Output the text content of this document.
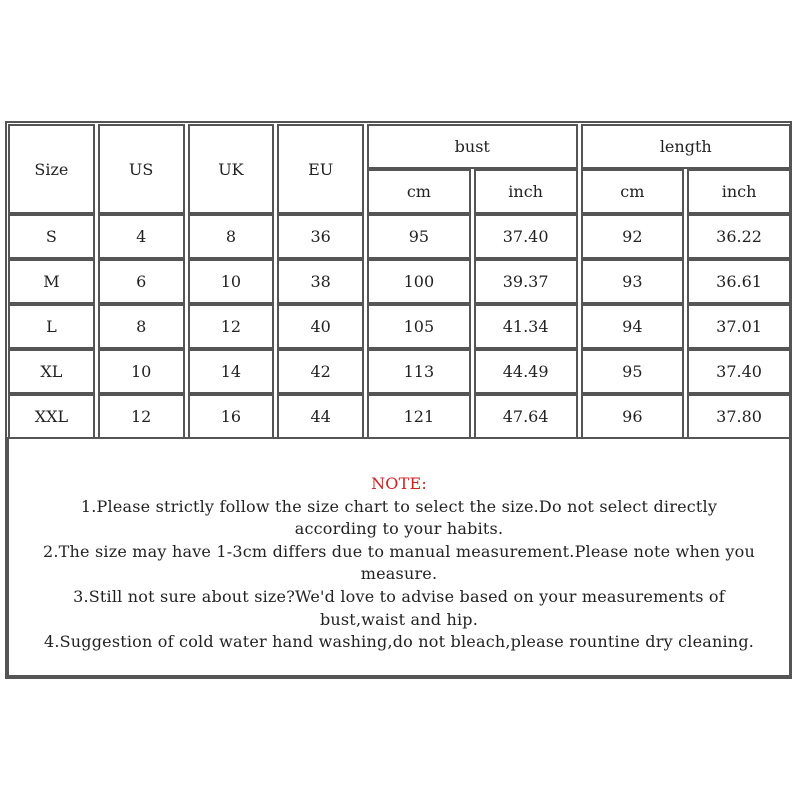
Size	US	UK	EU	bust		length	
				cm	inch	cm	inch
S	4	8	36	95	37.40	92	36.22
M	6	10	38	100	39.37	93	36.61
L	8	12	40	105	41.34	94	37.01
XL	10	14	42	113	44.49	95	37.40
XXL	12	16	44	121	47.64	96	37.80
NOTE:
1.Please strictly follow the size chart to select the size.Do not select directly
according to your habits.
2.The size may have 1-3cm differs due to manual measurement.Please note when you
measure.
3.Still not sure about size?We'd love to advise based on your measurements of
bust,waist and hip.
4.Suggestion of cold water hand washing,do not bleach,please rountine dry cleaning.
